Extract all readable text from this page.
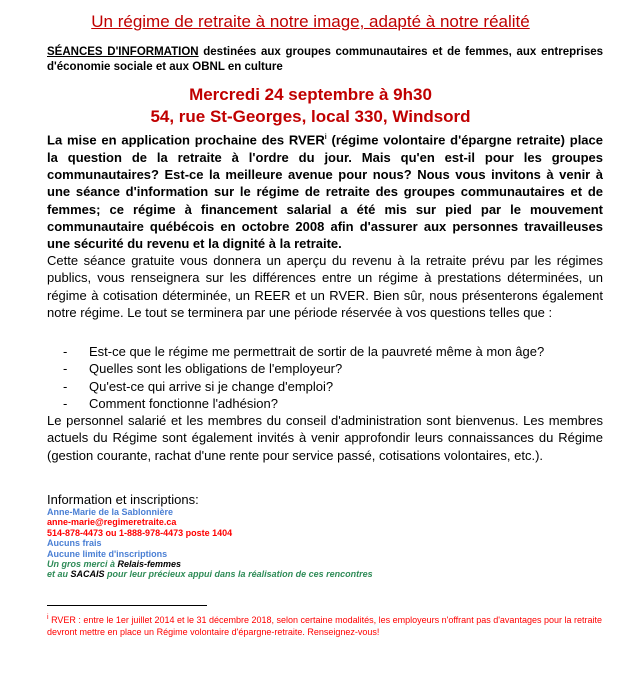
Un régime de retraite à notre image, adapté à notre réalité
SÉANCES D'INFORMATION destinées aux groupes communautaires et de femmes, aux entreprises d'économie sociale et aux OBNL en culture
Mercredi 24 septembre à 9h30
54, rue St-Georges, local 330, Windsord
La mise en application prochaine des RVER$^i$ (régime volontaire d'épargne retraite) place la question de la retraite à l'ordre du jour. Mais qu'en est-il pour les groupes communautaires? Est-ce la meilleure avenue pour nous? Nous vous invitons à venir à une séance d'information sur le régime de retraite des groupes communautaires et de femmes; ce régime à financement salarial a été mis sur pied par le mouvement communautaire québécois en octobre 2008 afin d'assurer aux personnes travailleuses une sécurité du revenu et la dignité à la retraite.
Cette séance gratuite vous donnera un aperçu du revenu à la retraite prévu par les régimes publics, vous renseignera sur les différences entre un régime à prestations déterminées, un régime à cotisation déterminée, un REER et un RVER. Bien sûr, nous présenterons également notre régime. Le tout se terminera par une période réservée à vos questions telles que :
- Est-ce que le régime me permettrait de sortir de la pauvreté même à mon âge?
- Quelles sont les obligations de l'employeur?
- Qu'est-ce qui arrive si je change d'emploi?
- Comment fonctionne l'adhésion?
Le personnel salarié et les membres du conseil d'administration sont bienvenus. Les membres actuels du Régime sont également invités à venir approfondir leurs connaissances du Régime (gestion courante, rachat d'une rente pour service passé, cotisations volontaires, etc.).
Information et inscriptions:
Anne-Marie de la Sablonnière
anne-marie@regimeretraite.ca
514-878-4473 ou 1-888-978-4473 poste 1404
Aucuns frais
Aucune limite d'inscriptions
Un gros merci à Relais-femmes
et au SACAIS pour leur précieux appui dans la réalisation de ces rencontres
$^i$ RVER : entre le 1er juillet 2014 et le 31 décembre 2018, selon certaine modalités, les employeurs n'offrant pas d'avantages pour la retraite devront mettre en place un Régime volontaire d'épargne-retraite. Renseignez-vous!
